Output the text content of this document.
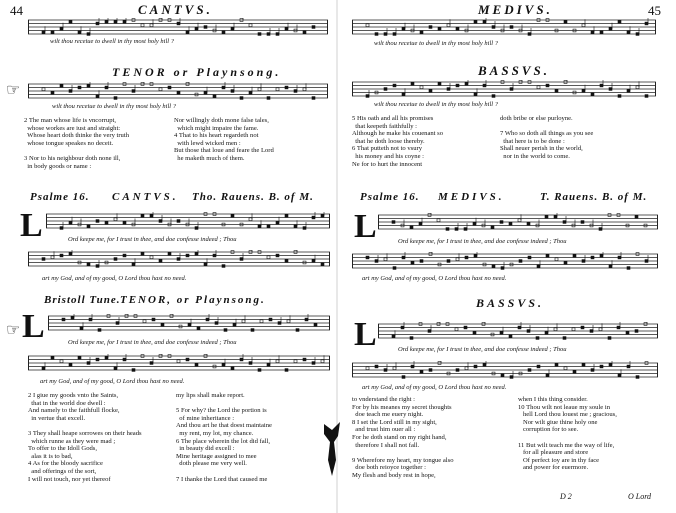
44	CANTVS.
wilt thou receiue to dwell in thy most holy hill ?
TENOR or Playnsong.
☞
wilt thou receiue to dwell in thy most holy hill ?
2 The man whose life is vncorrupt,
whose workes are iust and straight:
Whose heart doth thinke the very truth
whose tongue speakes no deceit.

3 Nor to his neighbour doth none ill,
in body goods or name :
Nor willingly doth mone false tales,
which might impaire the fame.
4 That to his heart regardeth not
with lewd wicked men :
But those that loue and feare the Lord
he maketh much of them.
Psalme 16. CANTVS. Tho. Rauens. B. of M.
L	Ord keepe me, for I trust in thee, and doe confesse indeed ; Thou
art my God, and of my good, O Lord thou hast no need.
Bristoll Tune. TENOR, or Playnsong.
☞ L	Ord keepe me, for I trust in thee, and doe confesse indeed ; Thou
art my God, and of my good, O Lord thou hast no need.
2 I giue my goods vnto the Saints,
that in the world doe dwell :
And namely to the faithfull flocke,
in vertue that excell.

3 They shall heape sorrowes on their heads
which runne as they were mad ;
To offer to the Idoll Gods,
alas it is to bad,
4 As for the bloody sacrifice
and offerings of the sort,
I will not touch, nor yet thereof
my lips shall make report.

5 For why? the Lord the portion is
of mine inheritance :
And thou art he that doest maintaine
my rent, my lot, my chance.
6 The place wherein the lot did fall,
in beauty did excell :
Mine heritage assigned to mee
doth please me very well.

7 I thanke the Lord that caused me
45
MEDIVS.
wilt thou receiue to dwell in thy most holy hill ?
BASSVS.
wilt thou receiue to dwell in thy most holy hill ?
5 His oath and all his promises
that keepeth faithfully :
Although he make his couenant so
that he doth loose thereby.
6 That putteth not to vsury
his money and his coyne :
Ne for to hurt the innocent
doth bribe or else purloyne.

7 Who so doth all things as you see
that here is to be done :
Shall neuer perish in the world,
nor in the world to come.
Psalme 16. MEDIVS.	T. Rauens. B. of M.
L	Ord keepe me, for I trust in thee, and doe confesse indeed ; Thou
art my God, and of my good, O Lord thou hast no need.
BASSVS.
L	Ord keepe me, for I trust in thee, and doe confesse indeed ; Thou
art my God, and of my good, O Lord thou hast no need.
to vnderstand the right :
For by his meanes my secret thoughts
doe teach me euery night.
8 I set the Lord still in my sight,
and trust him ouer all :
For he doth stand on my right hand,
therefore I shall not fall.

9 Wherefore my heart, my tongue also
doe both reioyce together :
My flesh and body rest in hope,
when I this thing consider.
10 Thou wilt not leaue my soule in
hell Lord thou louest me ; gracious,
Nor wilt giue thine holy one
corruption for to see.

11 But wilt teach me the way of life,
for all pleasure and store
Of perfect ioy are in thy face
and power for euermore.
D 2	O Lord
